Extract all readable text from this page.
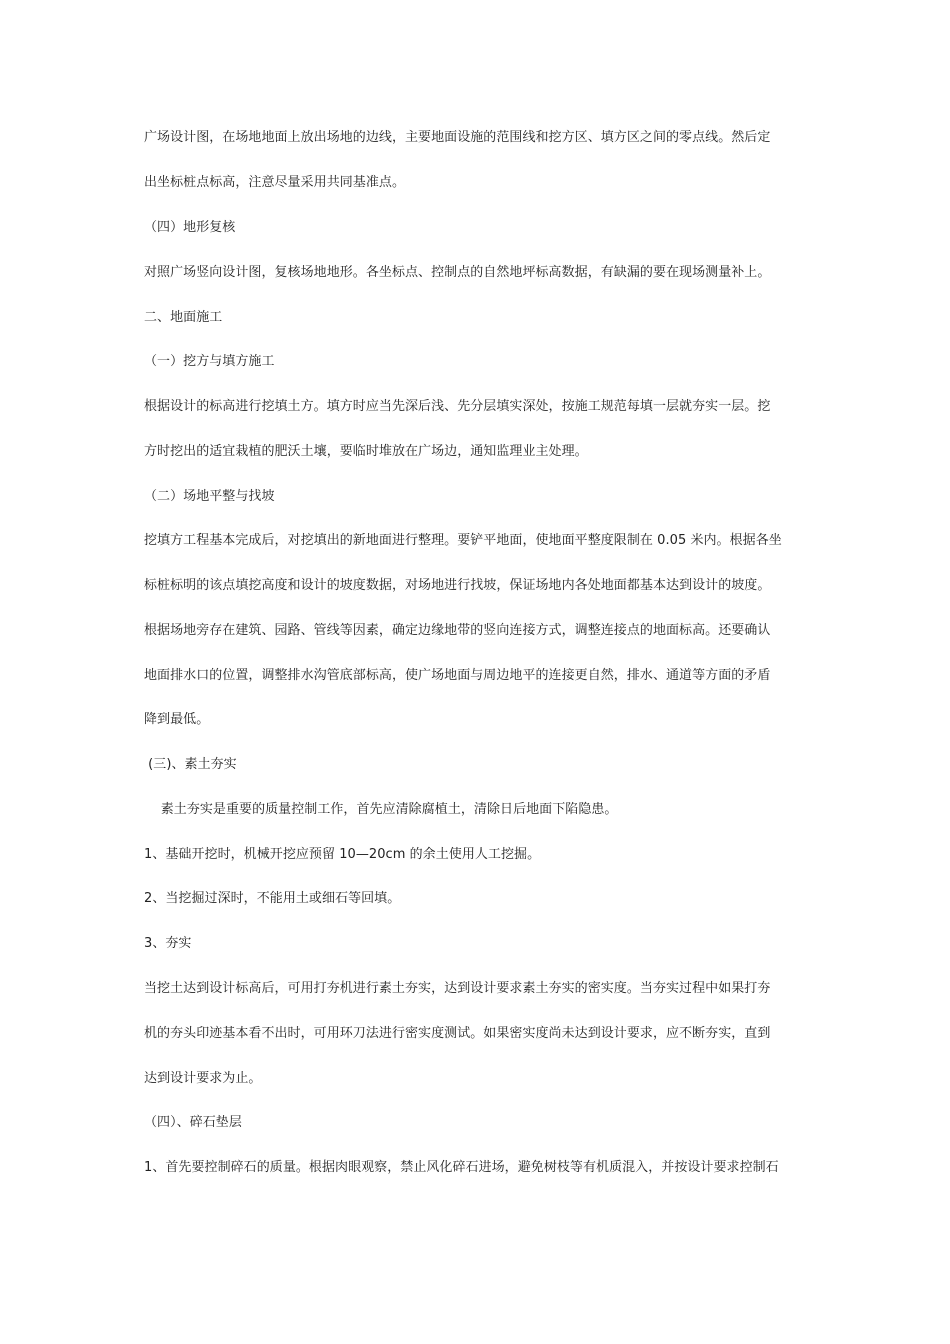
广场设计图，在场地地面上放出场地的边线，主要地面设施的范围线和挖方区、填方区之间的零点线。然后定
出坐标桩点标高，注意尽量采用共同基准点。
（四）地形复核
对照广场竖向设计图，复核场地地形。各坐标点、控制点的自然地坪标高数据，有缺漏的要在现场测量补上。
二、地面施工
（一）挖方与填方施工
根据设计的标高进行挖填土方。填方时应当先深后浅、先分层填实深处，按施工规范每填一层就夯实一层。挖
方时挖出的适宜栽植的肥沃土壤，要临时堆放在广场边，通知监理业主处理。
（二）场地平整与找坡
挖填方工程基本完成后，对挖填出的新地面进行整理。要铲平地面，使地面平整度限制在 0.05 米内。根据各坐
标桩标明的该点填挖高度和设计的坡度数据，对场地进行找坡，保证场地内各处地面都基本达到设计的坡度。
根据场地旁存在建筑、园路、管线等因素，确定边缘地带的竖向连接方式，调整连接点的地面标高。还要确认
地面排水口的位置，调整排水沟管底部标高，使广场地面与周边地平的连接更自然，排水、通道等方面的矛盾
降到最低。
(三)、素土夯实
素土夯实是重要的质量控制工作，首先应清除腐植土，清除日后地面下陷隐患。
1、基础开挖时，机械开挖应预留 10—20cm 的余土使用人工挖掘。
2、当挖掘过深时，不能用土或细石等回填。
3、夯实
当挖土达到设计标高后，可用打夯机进行素土夯实，达到设计要求素土夯实的密实度。当夯实过程中如果打夯
机的夯头印迹基本看不出时，可用环刀法进行密实度测试。如果密实度尚未达到设计要求，应不断夯实，直到
达到设计要求为止。
（四）、碎石垫层
1、首先要控制碎石的质量。根据肉眼观察，禁止风化碎石进场，避免树枝等有机质混入，并按设计要求控制石
